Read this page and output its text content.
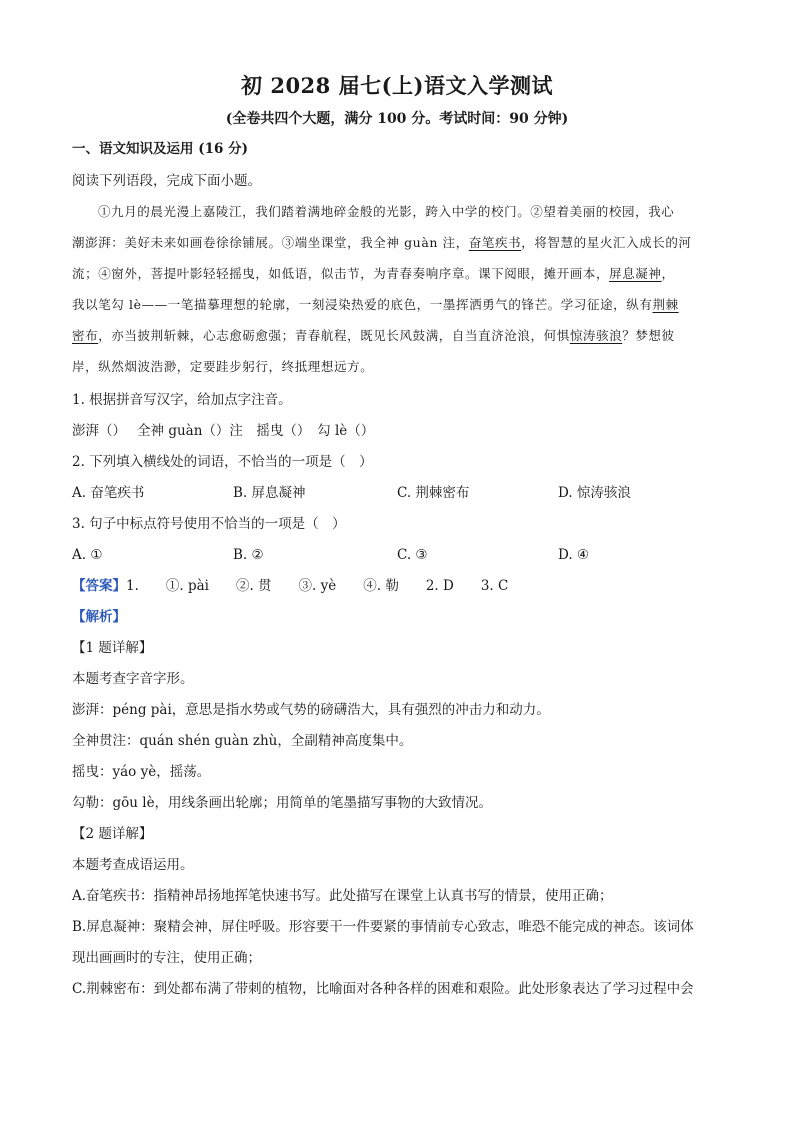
初 2028 届七(上)语文入学测试
(全卷共四个大题，满分 100 分。考试时间：90 分钟)
一、语文知识及运用 (16 分)
阅读下列语段，完成下面小题。
①九月的晨光漫上嘉陵江，我们踏着满地碎金般的光影，跨入中学的校门。②望着美丽的校园，我心
潮澎湃：美好未来如画卷徐徐铺展。③端坐课堂，我全神 guàn 注，奋笔疾书，将智慧的星火汇入成长的河
流；④窗外，菩提叶影轻轻摇曳，如低语，似击节，为青春奏响序章。课下阅眼，摊开画本，屏息凝神，
我以笔勾 lè——一笔描摹理想的轮廓，一刻浸染热爱的底色，一墨挥洒勇气的锋芒。学习征途，纵有荆棘
密布，亦当披荆斩棘，心志愈砺愈强；青春航程，既见长风鼓满，自当直济沧浪，何惧惊涛骇浪？梦想彼
岸，纵然烟波浩渺，定要跬步躬行，终抵理想远方。
1. 根据拼音写汉字，给加点字注音。
澎湃（）　 全神 guàn（）注　摇曳（）　勾 lè（）
2. 下列填入横线处的词语，不恰当的一项是（　）
A. 奋笔疾书	B. 屏息凝神	C. 荆棘密布	D. 惊涛骇浪
3. 句子中标点符号使用不恰当的一项是（　）
A. ①	B. ②	C. ③	D. ④
【答案】1.　　①. pài　　②. 贯　　③. yè　　④. 勒　　2. D　　3. C
【解析】
【1 题详解】
本题考查字音字形。
澎湃：péng pài，意思是指水势或气势的磅礴浩大，具有强烈的冲击力和动力。
全神贯注：quán shén guàn zhù，全副精神高度集中。
摇曳：yáo yè，摇荡。
勾勒：gōu lè，用线条画出轮廓；用简单的笔墨描写事物的大致情况。
【2 题详解】
本题考查成语运用。
A.奋笔疾书：指精神昂扬地挥笔快速书写。此处描写在课堂上认真书写的情景，使用正确；
B.屏息凝神：聚精会神，屏住呼吸。形容要干一件要紧的事情前专心致志，唯恐不能完成的神态。该词体
现出画画时的专注，使用正确；
C.荆棘密布：到处都布满了带刺的植物，比喻面对各种各样的困难和艰险。此处形象表达了学习过程中会
